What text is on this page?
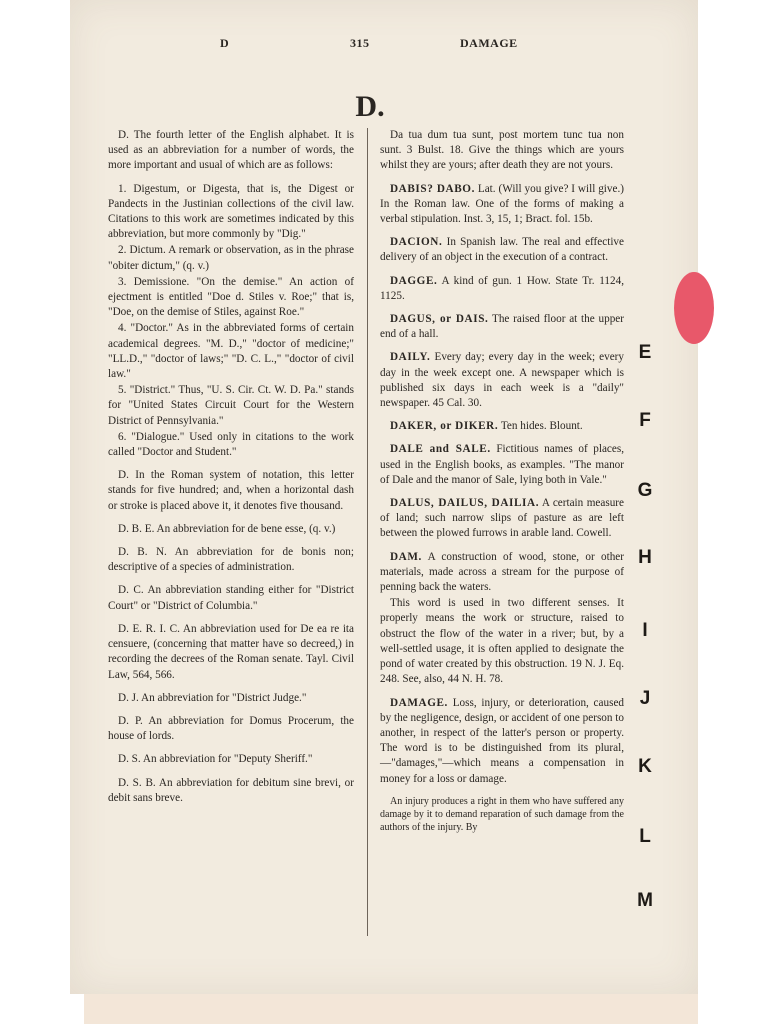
D	315	DAMAGE
D.

D. The fourth letter of the English alphabet. It is used as an abbreviation for a number of words, the more important and usual of which are as follows:

1. Digestum, or Digesta, that is, the Digest or Pandects in the Justinian collections of the civil law. Citations to this work are sometimes indicated by this abbreviation, but more commonly by "Dig."

2. Dictum. A remark or observation, as in the phrase "obiter dictum," (q. v.)

3. Demissione. "On the demise." An action of ejectment is entitled "Doe d. Stiles v. Roe;" that is, "Doe, on the demise of Stiles, against Roe."

4. "Doctor." As in the abbreviated forms of certain academical degrees. "M. D.," "doctor of medicine;" "LL.D.," "doctor of laws;" "D. C. L.," "doctor of civil law."

5. "District." Thus, "U. S. Cir. Ct. W. D. Pa." stands for "United States Circuit Court for the Western District of Pennsylvania."

6. "Dialogue." Used only in citations to the work called "Doctor and Student."

D. In the Roman system of notation, this letter stands for five hundred; and, when a horizontal dash or stroke is placed above it, it denotes five thousand.

D. B. E. An abbreviation for de bene esse, (q. v.)

D. B. N. An abbreviation for de bonis non; descriptive of a species of administration.

D. C. An abbreviation standing either for "District Court" or "District of Columbia."

D. E. R. I. C. An abbreviation used for De ea re ita censuere, (concerning that matter have so decreed,) in recording the decrees of the Roman senate. Tayl. Civil Law, 564, 566.

D. J. An abbreviation for "District Judge."

D. P. An abbreviation for Domus Procerum, the house of lords.

D. S. An abbreviation for "Deputy Sheriff."

D. S. B. An abbreviation for debitum sine brevi, or debit sans breve.

Da tua dum tua sunt, post mortem tunc tua non sunt. 3 Bulst. 18. Give the things which are yours whilst they are yours; after death they are not yours.

DABIS? DABO. Lat. (Will you give? I will give.) In the Roman law. One of the forms of making a verbal stipulation. Inst. 3, 15, 1; Bract. fol. 15b.

DACION. In Spanish law. The real and effective delivery of an object in the execution of a contract.

DAGGE. A kind of gun. 1 How. State Tr. 1124, 1125.

DAGUS, or DAIS. The raised floor at the upper end of a hall.

DAILY. Every day; every day in the week; every day in the week except one. A newspaper which is published six days in each week is a "daily" newspaper. 45 Cal. 30.

DAKER, or DIKER. Ten hides. Blount.

DALE and SALE. Fictitious names of places, used in the English books, as examples. "The manor of Dale and the manor of Sale, lying both in Vale."

DALUS, DAILUS, DAILIA. A certain measure of land; such narrow slips of pasture as are left between the plowed furrows in arable land. Cowell.

DAM. A construction of wood, stone, or other materials, made across a stream for the purpose of penning back the waters.

This word is used in two different senses. It properly means the work or structure, raised to obstruct the flow of the water in a river; but, by a well-settled usage, it is often applied to designate the pond of water created by this obstruction. 19 N. J. Eq. 248. See, also, 44 N. H. 78.

DAMAGE. Loss, injury, or deterioration, caused by the negligence, design, or accident of one person to another, in respect of the latter's person or property. The word is to be distinguished from its plural,—"damages,"—which means a compensation in money for a loss or damage.

An injury produces a right in them who have suffered any damage by it to demand reparation of such damage from the authors of the injury. By

E
F
G
H
I
J
K
L
M
